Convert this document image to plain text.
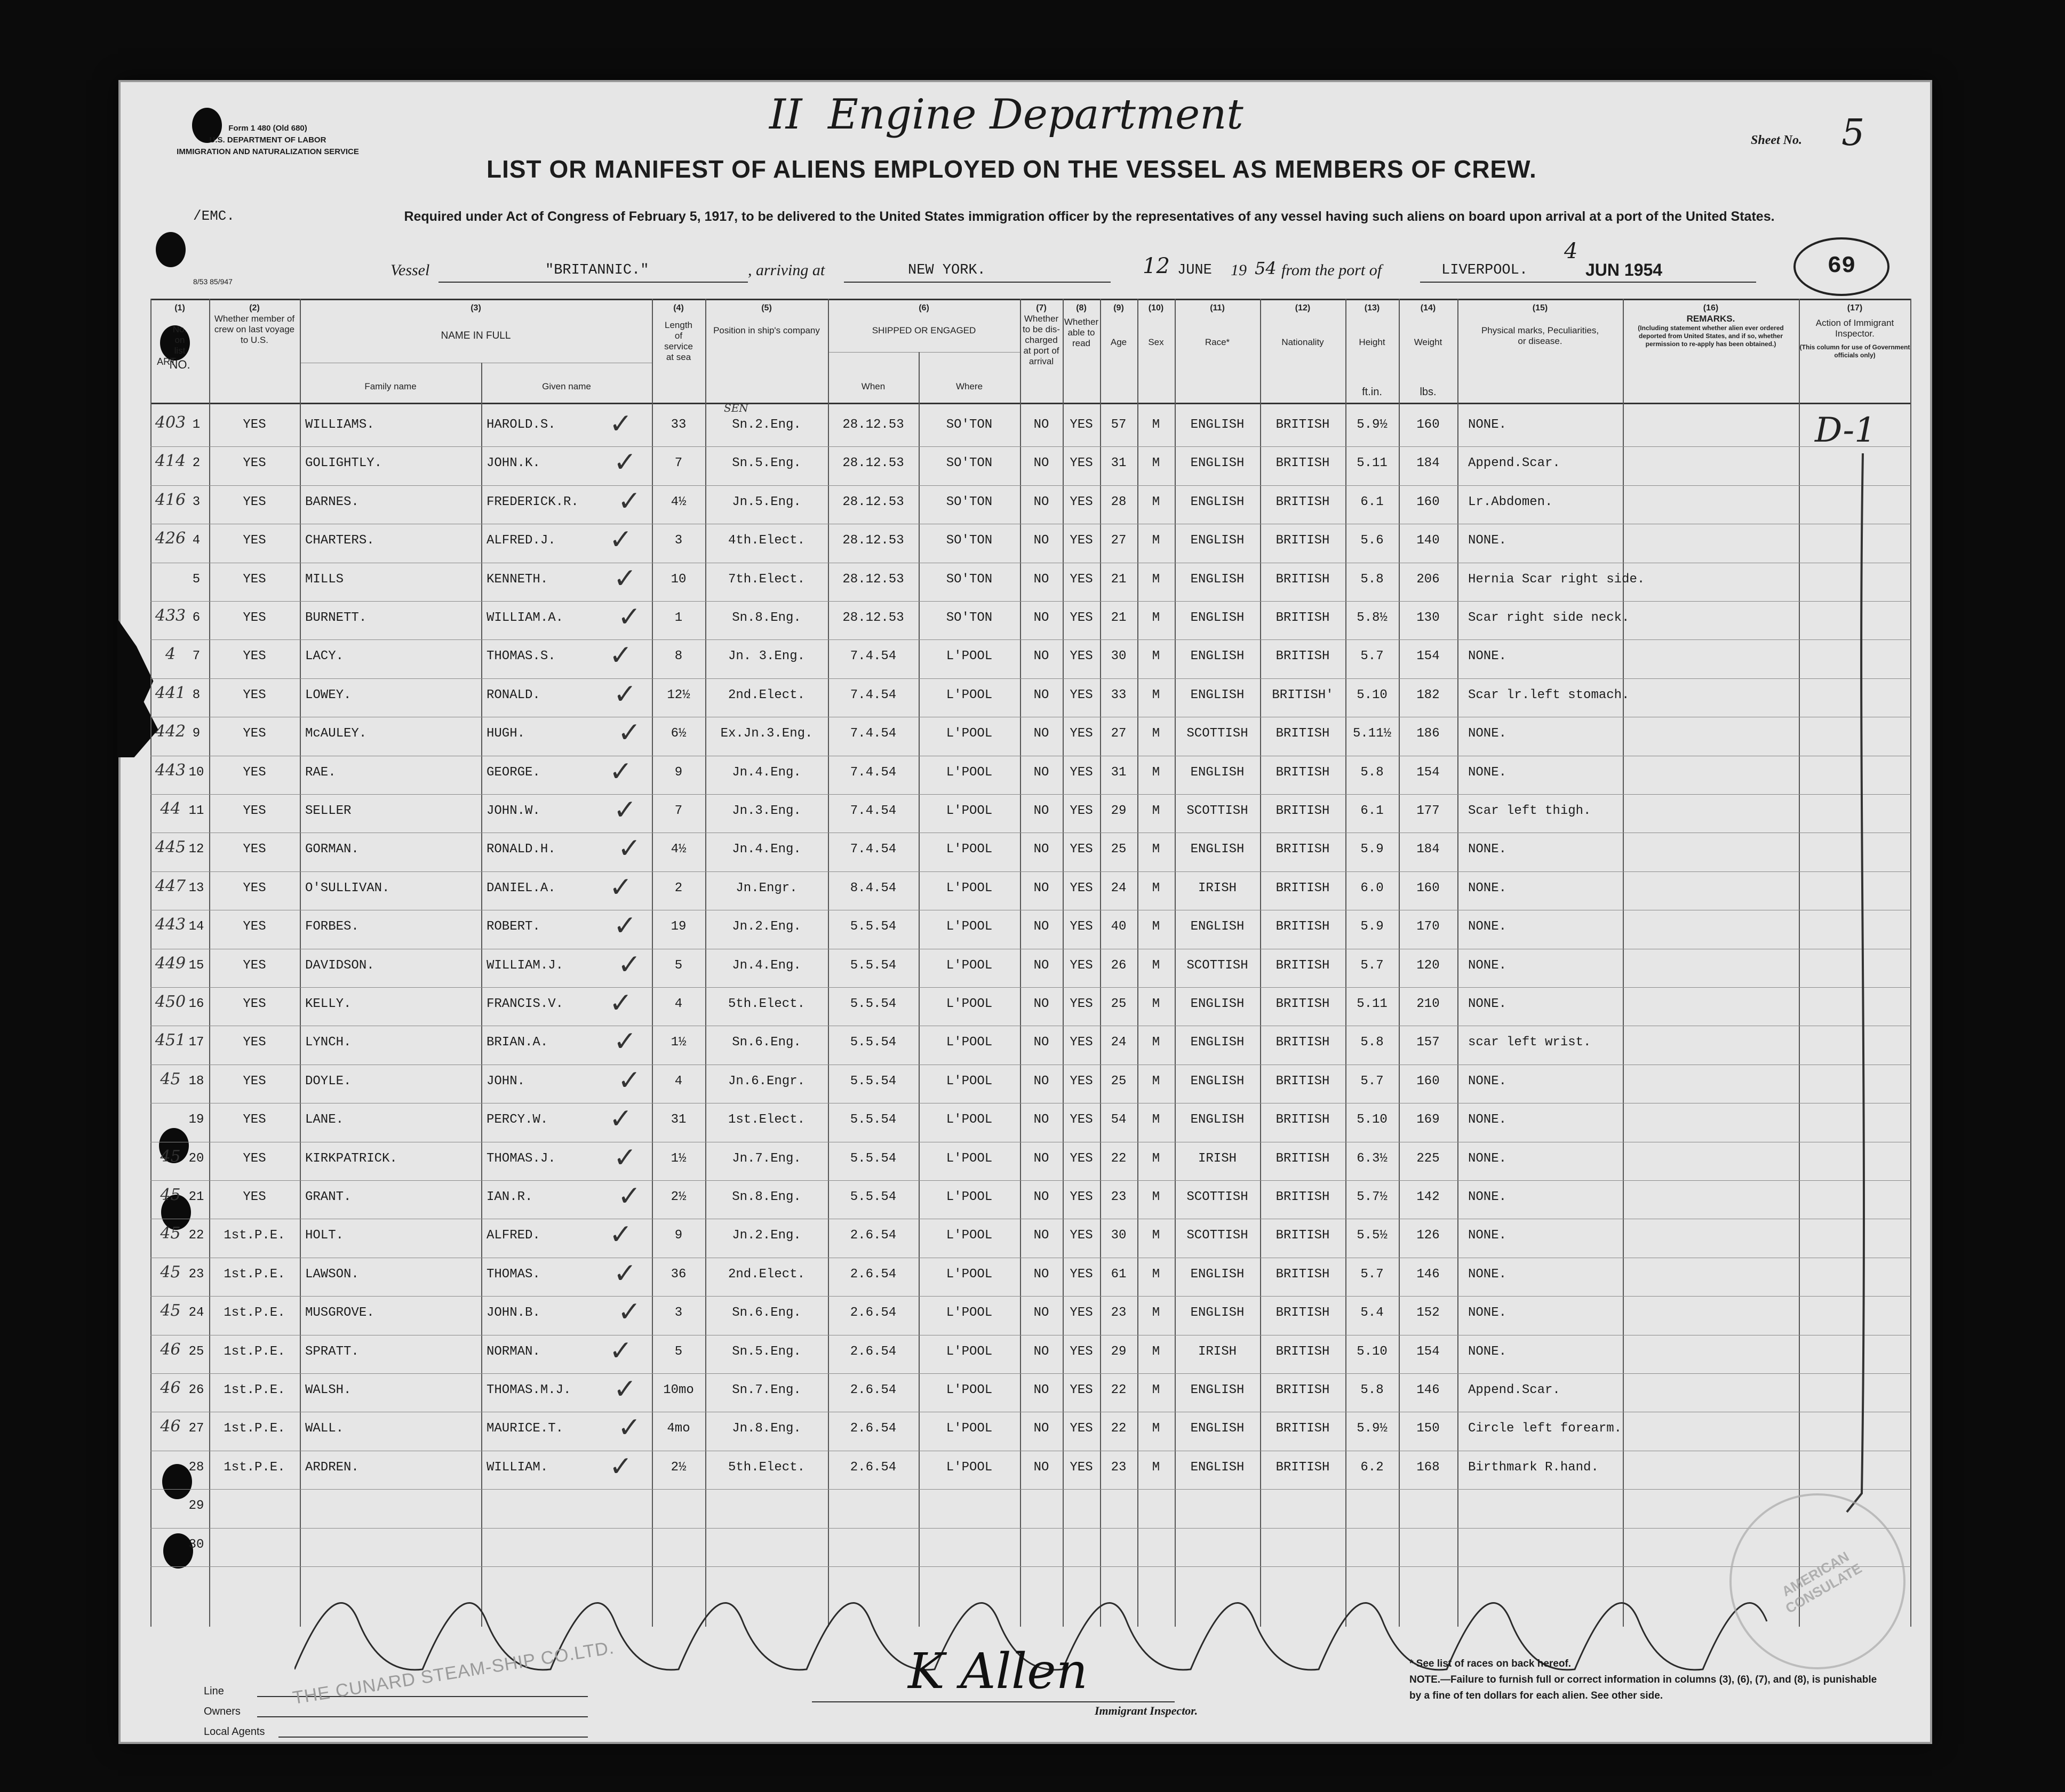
Form 1 480 (Old 680)
U.S. DEPARTMENT OF LABOR
IMMIGRATION AND NATURALIZATION SERVICE
/EMC.
8/53 85/947
II Engine Department
Sheet No. 5
LIST OR MANIFEST OF ALIENS EMPLOYED ON THE VESSEL AS MEMBERS OF CREW.
Required under Act of Congress of February 5, 1917, to be delivered to the United States immigration officer by the representatives of any vessel having such aliens on board upon arrival at a port of the United States.
69
Vessel	"BRITANNIC."	, arriving at	NEW YORK.	12 JUNE 19 54 from the port of	LIVERPOOL.
4
JUN 1954
(1)
No.
on
list
NO.
ART
(2)
Whether member of crew on last voyage to U.S.
(3)
NAME IN FULL
Family name	Given name
(4)
Length of service at sea
(5)
Position in ship's company
(6)
SHIPPED OR ENGAGED
When	Where
(7)
Whether to be dis-charged at port of arrival
(8)
Whether able to read
(9)
Age
(10)
Sex
(11)
Race*
(12)
Nationality
(13)
Height
ft.in.
(14)
Weight
lbs.
(15)
Physical marks, Peculiarities, or disease.
(16)
REMARKS.
(Including statement whether alien ever ordered deported from United States, and if so, whether permission to re-apply has been obtained.)
(17)
Action of Immigrant Inspector.
(This column for use of Government officials only)
403 1	YES	WILLIAMS.	HAROLD.S.	33	Sn.2.Eng.	28.12.53	SO'TON	NO	YES	57	M	ENGLISH	BRITISH	5.9½	160	NONE.
SEN
✓
414 2	YES	GOLIGHTLY.	JOHN.K.	7	Sn.5.Eng.	28.12.53	SO'TON	NO	YES	31	M	ENGLISH	BRITISH	5.11	184	Append.Scar.
✓
416 3	YES	BARNES.	FREDERICK.R.	4½	Jn.5.Eng.	28.12.53	SO'TON	NO	YES	28	M	ENGLISH	BRITISH	6.1	160	Lr.Abdomen.
✓
426 4	YES	CHARTERS.	ALFRED.J.	3	4th.Elect.	28.12.53	SO'TON	NO	YES	27	M	ENGLISH	BRITISH	5.6	140	NONE.
✓
5	YES	MILLS	KENNETH.	10	7th.Elect.	28.12.53	SO'TON	NO	YES	21	M	ENGLISH	BRITISH	5.8	206	Hernia Scar right side.
✓
433 6	YES	BURNETT.	WILLIAM.A.	1	Sn.8.Eng.	28.12.53	SO'TON	NO	YES	21	M	ENGLISH	BRITISH	5.8½	130	Scar right side neck.
✓
4	7	YES	LACY.	THOMAS.S.	8	Jn. 3.Eng.	7.4.54	L'POOL	NO	YES	30	M	ENGLISH	BRITISH	5.7	154	NONE.
✓
441 8	YES	LOWEY.	RONALD.	12½	2nd.Elect.	7.4.54	L'POOL	NO	YES	33	M	ENGLISH	BRITISH'	5.10	182	Scar lr.left stomach.
✓
442 9	YES	McAULEY.	HUGH.	6½	Ex.Jn.3.Eng.	7.4.54	L'POOL	NO	YES	27	M	SCOTTISH	BRITISH	5.11½	186	NONE.
✓
443 10	YES	RAE.	GEORGE.	9	Jn.4.Eng.	7.4.54	L'POOL	NO	YES	31	M	ENGLISH	BRITISH	5.8	154	NONE.
✓
44 11	YES	SELLER	JOHN.W.	7	Jn.3.Eng.	7.4.54	L'POOL	NO	YES	29	M	SCOTTISH	BRITISH	6.1	177	Scar left thigh.
✓
445 12	YES	GORMAN.	RONALD.H.	4½	Jn.4.Eng.	7.4.54	L'POOL	NO	YES	25	M	ENGLISH	BRITISH	5.9	184	NONE.
✓
447 13	YES	O'SULLIVAN.	DANIEL.A.	2	Jn.Engr.	8.4.54	L'POOL	NO	YES	24	M	IRISH	BRITISH	6.0	160	NONE.
✓
443 14	YES	FORBES.	ROBERT.	19	Jn.2.Eng.	5.5.54	L'POOL	NO	YES	40	M	ENGLISH	BRITISH	5.9	170	NONE.
✓
449 15	YES	DAVIDSON.	WILLIAM.J.	5	Jn.4.Eng.	5.5.54	L'POOL	NO	YES	26	M	SCOTTISH	BRITISH	5.7	120	NONE.
✓
450 16	YES	KELLY.	FRANCIS.V.	4	5th.Elect.	5.5.54	L'POOL	NO	YES	25	M	ENGLISH	BRITISH	5.11	210	NONE.
✓
451 17	YES	LYNCH.	BRIAN.A.	1½	Sn.6.Eng.	5.5.54	L'POOL	NO	YES	24	M	ENGLISH	BRITISH	5.8	157	scar left wrist.
✓
45 18	YES	DOYLE.	JOHN.	4	Jn.6.Engr.	5.5.54	L'POOL	NO	YES	25	M	ENGLISH	BRITISH	5.7	160	NONE.
✓
19	YES	LANE.	PERCY.W.	31	1st.Elect.	5.5.54	L'POOL	NO	YES	54	M	ENGLISH	BRITISH	5.10	169	NONE.
✓
45 20	YES	KIRKPATRICK.	THOMAS.J.	1½	Jn.7.Eng.	5.5.54	L'POOL	NO	YES	22	M	IRISH	BRITISH	6.3½	225	NONE.
✓
45 21	YES	GRANT.	IAN.R.	2½	Sn.8.Eng.	5.5.54	L'POOL	NO	YES	23	M	SCOTTISH	BRITISH	5.7½	142	NONE.
✓
45 22	1st.P.E.	HOLT.	ALFRED.	9	Jn.2.Eng.	2.6.54	L'POOL	NO	YES	30	M	SCOTTISH	BRITISH	5.5½	126	NONE.
✓
45 23	1st.P.E.	LAWSON.	THOMAS.	36	2nd.Elect.	2.6.54	L'POOL	NO	YES	61	M	ENGLISH	BRITISH	5.7	146	NONE.
✓
45 24	1st.P.E.	MUSGROVE.	JOHN.B.	3	Sn.6.Eng.	2.6.54	L'POOL	NO	YES	23	M	ENGLISH	BRITISH	5.4	152	NONE.
✓
46 25	1st.P.E.	SPRATT.	NORMAN.	5	Sn.5.Eng.	2.6.54	L'POOL	NO	YES	29	M	IRISH	BRITISH	5.10	154	NONE.
✓
46 26	1st.P.E.	WALSH.	THOMAS.M.J.	10mo	Sn.7.Eng.	2.6.54	L'POOL	NO	YES	22	M	ENGLISH	BRITISH	5.8	146	Append.Scar.
✓
46 27	1st.P.E.	WALL.	MAURICE.T.	4mo	Jn.8.Eng.	2.6.54	L'POOL	NO	YES	22	M	ENGLISH	BRITISH	5.9½	150	Circle left forearm.
✓
28	1st.P.E.	ARDREN.	WILLIAM.	2½	5th.Elect.	2.6.54	L'POOL	NO	YES	23	M	ENGLISH	BRITISH	6.2	168	Birthmark R.hand.
✓
29
30
D-1
AMERICAN CONSULATE
Line
Owners
Local Agents
THE CUNARD STEAM-SHIP CO.LTD.	K Allen
Immigrant Inspector.
* See list of races on back hereof.
NOTE.—Failure to furnish full or correct information in columns (3), (6), (7), and (8), is punishable by a fine of ten dollars for each alien. See other side.
